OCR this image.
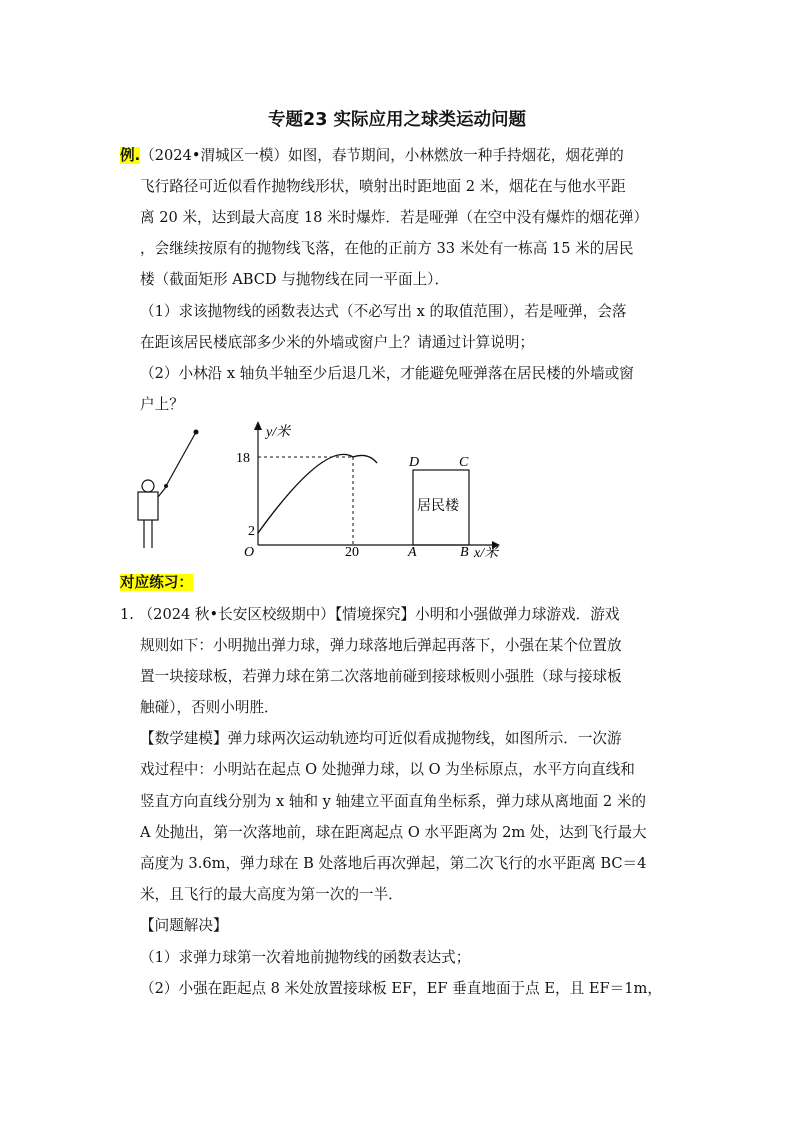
专题23 实际应用之球类运动问题
例.（2024•渭城区一模）如图，春节期间，小林燃放一种手持烟花，烟花弹的
飞行路径可近似看作抛物线形状，喷射出时距地面 2 米，烟花在与他水平距
离 20 米，达到最大高度 18 米时爆炸．若是哑弹（在空中没有爆炸的烟花弹）
，会继续按原有的抛物线飞落，在他的正前方 33 米处有一栋高 15 米的居民
楼（截面矩形 ABCD 与抛物线在同一平面上）．
（1）求该抛物线的函数表达式（不必写出 x 的取值范围），若是哑弹，会落
在距该居民楼底部多少米的外墙或窗户上？请通过计算说明；
（2）小林沿 x 轴负半轴至少后退几米，才能避免哑弹落在居民楼的外墙或窗
户上？
y/米
x/米
O
18
2
20	A	B
C
D
居民楼
对应练习：
1. （2024 秋•长安区校级期中）【情境探究】小明和小强做弹力球游戏．游戏
规则如下：小明抛出弹力球，弹力球落地后弹起再落下，小强在某个位置放
置一块接球板，若弹力球在第二次落地前碰到接球板则小强胜（球与接球板
触碰），否则小明胜．
【数学建模】弹力球两次运动轨迹均可近似看成抛物线，如图所示．一次游
戏过程中：小明站在起点 O 处抛弹力球，以 O 为坐标原点，水平方向直线和
竖直方向直线分别为 x 轴和 y 轴建立平面直角坐标系，弹力球从离地面 2 米的
A 处抛出，第一次落地前，球在距离起点 O 水平距离为 2m 处，达到飞行最大
高度为 3.6m，弹力球在 B 处落地后再次弹起，第二次飞行的水平距离 BC＝4
米，且飞行的最大高度为第一次的一半．
【问题解决】
（1）求弹力球第一次着地前抛物线的函数表达式；
（2）小强在距起点 8 米处放置接球板 EF，EF 垂直地面于点 E，且 EF＝1m，
